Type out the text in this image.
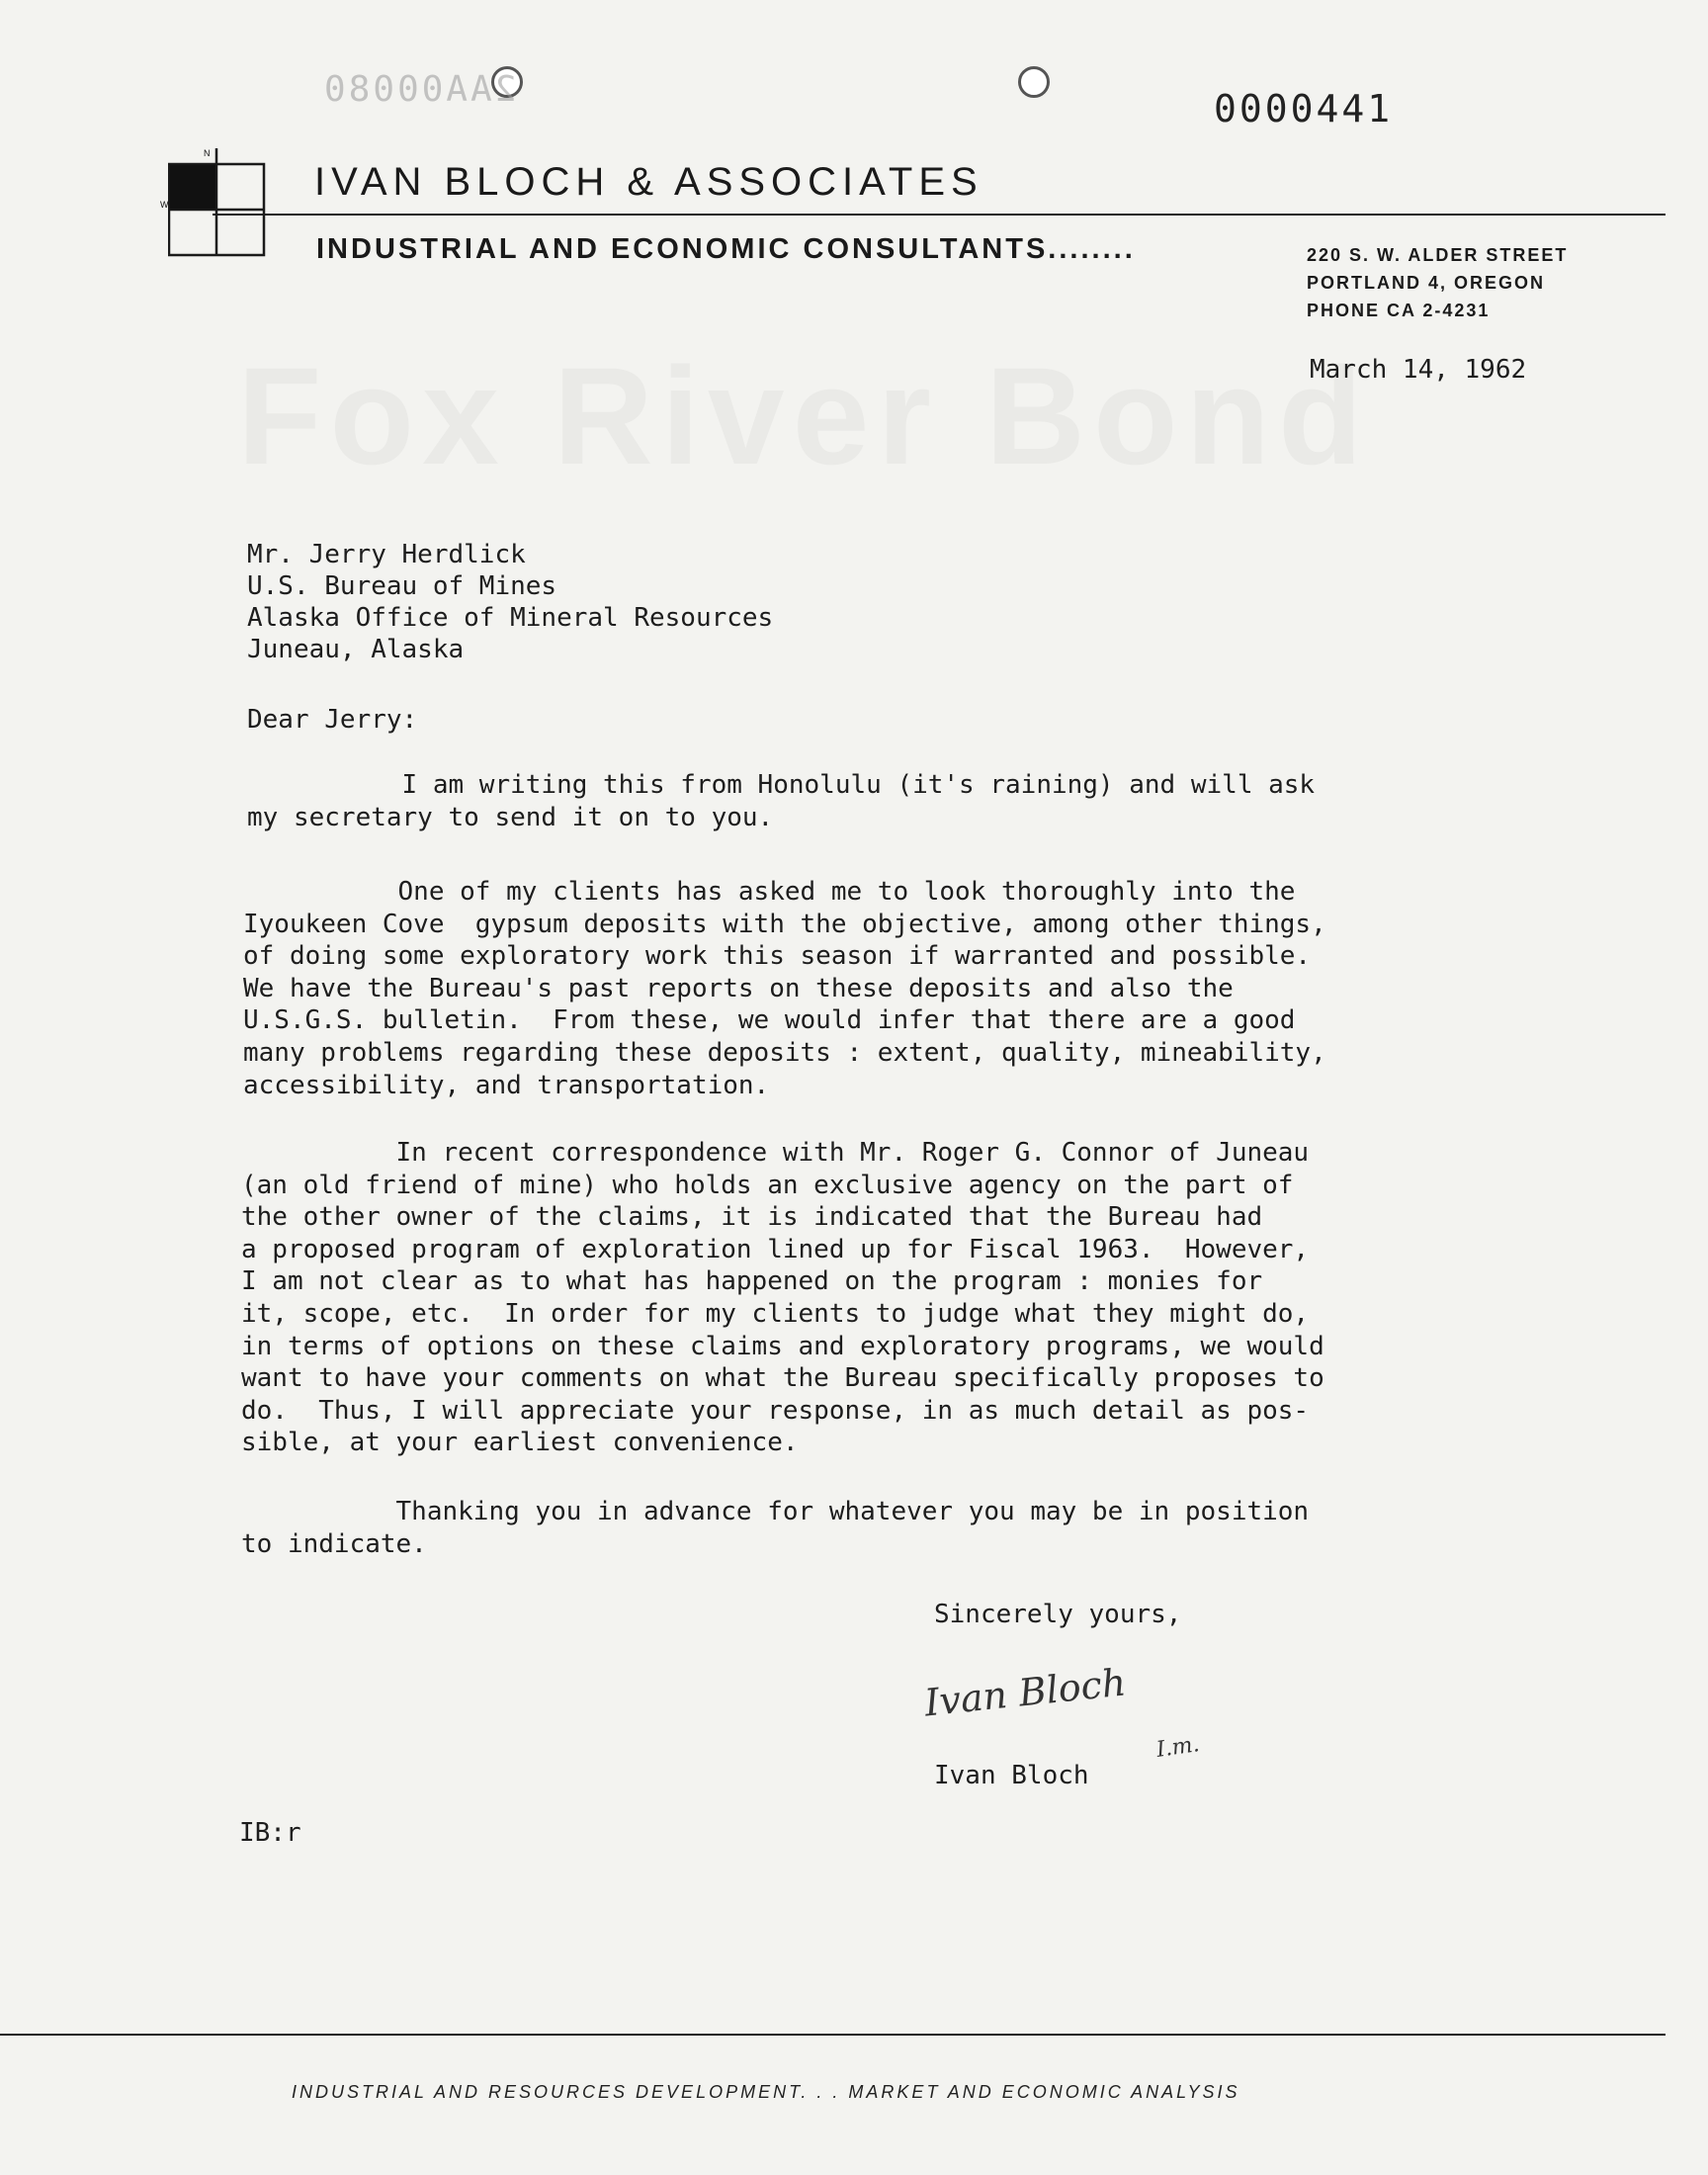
2AA00080	0000441
N
W
IVAN BLOCH & ASSOCIATES
INDUSTRIAL AND ECONOMIC CONSULTANTS........	220 S. W. ALDER STREET
PORTLAND 4, OREGON
PHONE CA 2-4231
March 14, 1962
Mr. Jerry Herdlick
U.S. Bureau of Mines
Alaska Office of Mineral Resources
Juneau, Alaska
Dear Jerry:
I am writing this from Honolulu (it's raining) and will ask
my secretary to send it on to you.
One of my clients has asked me to look thoroughly into the
Iyoukeen Cove  gypsum deposits with the objective, among other things,
of doing some exploratory work this season if warranted and possible.
We have the Bureau's past reports on these deposits and also the
U.S.G.S. bulletin.  From these, we would infer that there are a good
many problems regarding these deposits : extent, quality, mineability,
accessibility, and transportation.
In recent correspondence with Mr. Roger G. Connor of Juneau
(an old friend of mine) who holds an exclusive agency on the part of
the other owner of the claims, it is indicated that the Bureau had
a proposed program of exploration lined up for Fiscal 1963.  However,
I am not clear as to what has happened on the program : monies for
it, scope, etc.  In order for my clients to judge what they might do,
in terms of options on these claims and exploratory programs, we would
want to have your comments on what the Bureau specifically proposes to
do.  Thus, I will appreciate your response, in as much detail as pos-
sible, at your earliest convenience.
Thanking you in advance for whatever you may be in position
to indicate.
Sincerely yours,
Ivan Bloch
I.m.
Ivan Bloch
IB:r
INDUSTRIAL AND RESOURCES DEVELOPMENT. . . MARKET AND ECONOMIC ANALYSIS
